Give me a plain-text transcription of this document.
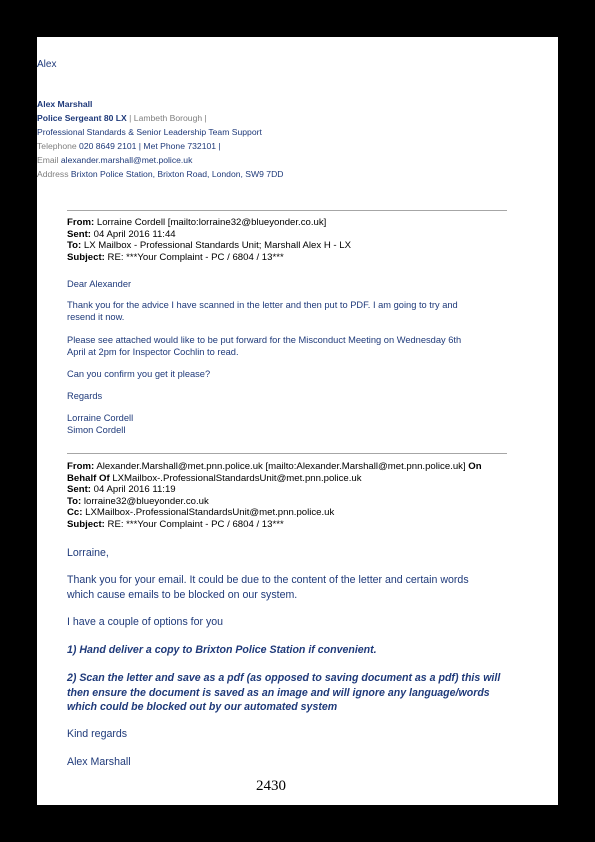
Alex
Alex Marshall
Police Sergeant 80 LX | Lambeth Borough |
Professional Standards & Senior Leadership Team Support
Telephone 020 8649 2101 | Met Phone 732101 |
Email alexander.marshall@met.police.uk
Address Brixton Police Station, Brixton Road, London, SW9 7DD
From: Lorraine Cordell [mailto:lorraine32@blueyonder.co.uk]
Sent: 04 April 2016 11:44
To: LX Mailbox - Professional Standards Unit; Marshall Alex H - LX
Subject: RE: ***Your Complaint - PC / 6804 / 13***
Dear Alexander
Thank you for the advice I have scanned in the letter and then put to PDF. I am going to try and
resend it now.
Please see attached would like to be put forward for the Misconduct Meeting on Wednesday 6th
April at 2pm for Inspector Cochlin to read.
Can you confirm you get it please?
Regards
Lorraine Cordell
Simon Cordell
From: Alexander.Marshall@met.pnn.police.uk [mailto:Alexander.Marshall@met.pnn.police.uk] On
Behalf Of LXMailbox-.ProfessionalStandardsUnit@met.pnn.police.uk
Sent: 04 April 2016 11:19
To: lorraine32@blueyonder.co.uk
Cc: LXMailbox-.ProfessionalStandardsUnit@met.pnn.police.uk
Subject: RE: ***Your Complaint - PC / 6804 / 13***
Lorraine,
Thank you for your email. It could be due to the content of the letter and certain words
which cause emails to be blocked on our system.
I have a couple of options for you
1) Hand deliver a copy to Brixton Police Station if convenient.
2) Scan the letter and save as a pdf (as opposed to saving document as a pdf) this will
then ensure the document is saved as an image and will ignore any language/words
which could be blocked out by our automated system
Kind regards
Alex Marshall
2430
